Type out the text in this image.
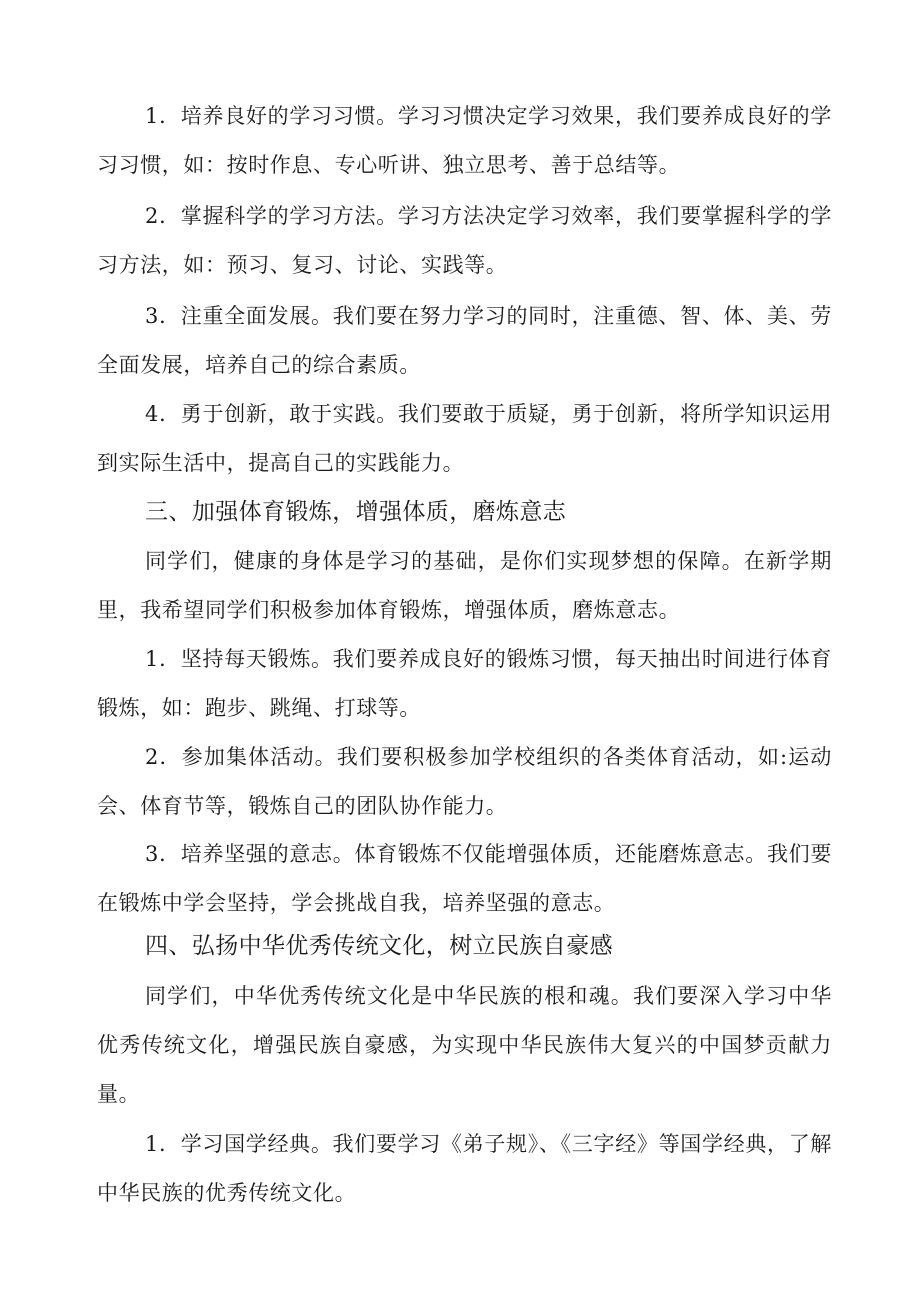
1．培养良好的学习习惯。学习习惯决定学习效果，我们要养成良好的学习习惯，如：按时作息、专心听讲、独立思考、善于总结等。

2．掌握科学的学习方法。学习方法决定学习效率，我们要掌握科学的学习方法，如：预习、复习、讨论、实践等。

3．注重全面发展。我们要在努力学习的同时，注重德、智、体、美、劳全面发展，培养自己的综合素质。

4．勇于创新，敢于实践。我们要敢于质疑，勇于创新，将所学知识运用到实际生活中，提高自己的实践能力。

三、加强体育锻炼，增强体质，磨炼意志

同学们，健康的身体是学习的基础，是你们实现梦想的保障。在新学期里，我希望同学们积极参加体育锻炼，增强体质，磨炼意志。

1．坚持每天锻炼。我们要养成良好的锻炼习惯，每天抽出时间进行体育锻炼，如：跑步、跳绳、打球等。

2．参加集体活动。我们要积极参加学校组织的各类体育活动，如:运动会、体育节等，锻炼自己的团队协作能力。

3．培养坚强的意志。体育锻炼不仅能增强体质，还能磨炼意志。我们要在锻炼中学会坚持，学会挑战自我，培养坚强的意志。

四、弘扬中华优秀传统文化，树立民族自豪感

同学们，中华优秀传统文化是中华民族的根和魂。我们要深入学习中华优秀传统文化，增强民族自豪感，为实现中华民族伟大复兴的中国梦贡献力量。

1．学习国学经典。我们要学习《弟子规》、《三字经》等国学经典，了解中华民族的优秀传统文化。
